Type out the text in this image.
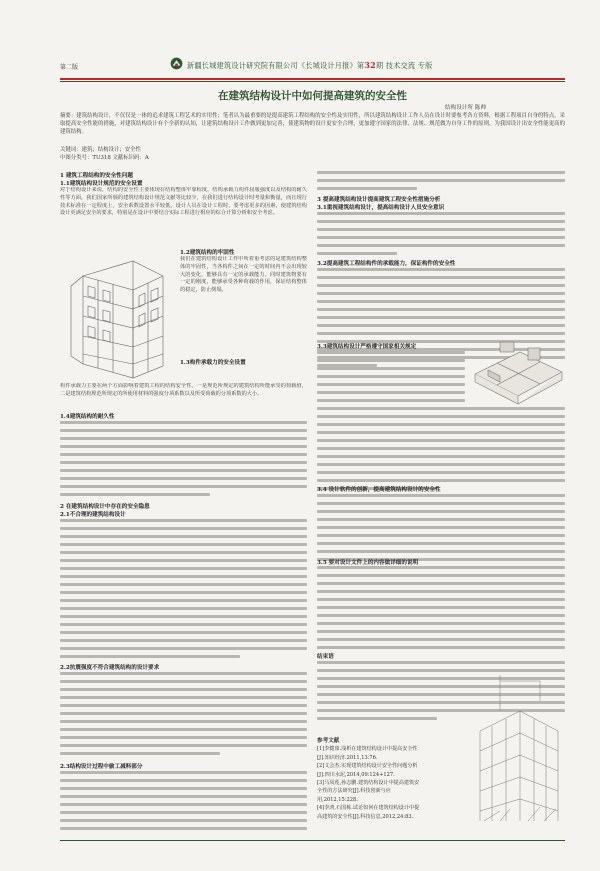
第二版	新疆长城建筑设计研究院有限公司《长城设计月报》第32期 技术交流 专版
在建筑结构设计中如何提高建筑的安全性
结构设计所 陈帅
摘要：建筑结构设计，不仅仅是一体的追求建筑工程艺术的实用性；笔者认为最重要的是提高建筑工程结构的安全性及实用性，所以建筑结构设计工作人员在设计时要参考各方资料，根据工程项目自身的特点，采取提高安全性能的措施，对建筑结构设计有个全新的认知，让建筑结构设计工作做到更加完善，使建筑物的设计更安全合理，更加遵守国家的法律、法规、规范做为自身工作的原则，为我国设计出安全性能更高的建筑结构。
关键词：建筑；结构设计；安全性
中图分类号：TU318 文献标识码：A
1 建筑工程结构的安全性问题
1.1建筑结构设计规范的安全设置
对于结构设计来说，结构的安全性主要体现在结构整体牢靠程度，结构承载力构件屈服强度以及结构的耐久性等方面。我们国家所颁的建筑结构设计规范文献等比较少，在我们进行结构设计时考量和衡量，而且现行技术标准在一定程度上，安全系数设置水平较低，设计人员在设计工程时，要考虑更多的因素，使建筑结构设计更满足安全的要求，特别是在设计中要结合实际工程进行相应的综合计算分析和安全考虑。
1.2建筑结构的牢固性
我们在建筑结构设计工作中所着重考虑的是建筑结构整体的牢固性，当各构件之间在一定的时间内不会出现较大的变化，能够具有一定的承载能力。同时建筑物要有一定的刚度，能够承受各种荷载的作用，保证结构整体的稳定，防止倒塌。
1.3构件承载力的安全设置
构件承载力主要在两个方面影响着建筑工程的结构安全性，一是规范所规定的建筑结构所能承受的荷载值，二是建筑结构规范所规定的所使用材料的强度分项系数以及所受荷载的分项系数的大小。
1.4建筑结构的耐久性
2 在建筑结构设计中存在的安全隐患
2.1不合理的建筑结构设计
2.2抗震强度不符合建筑结构的设计要求
2.3结构设计过程中偷工减料部分
3 提高建筑结构设计提高建筑工程安全性措施分析
3.1重视建筑结构设计，提高结构设计人员安全意识
3.2提高建筑工程结构件的承载能力，保证构件的安全性
3.3建筑结构设计严格遵守国家相关规定
3.4 设计软件的创新，提高建筑结构设计的安全性
3.5 要对设计文件上的内容做详细的说明
结束语
参考文献
[1]李健康.浅析在建筑结构设计中提高安全性
[J].知识经济.2011,13:76.
[2]文会杰.实现建筑结构设计安全性问题分析
[J].四川水泥,2014,09:124+127.
[3]马凤莲,孙志鹏.建筑结构设计中提高建筑安
全性的方法研究[J].科技创新与应
用,2012,15:228.
[4]李鸿,石国栋.试论如何在建筑结构设计中提
高建筑的安全性[J].科技信息,2012,24:83.
